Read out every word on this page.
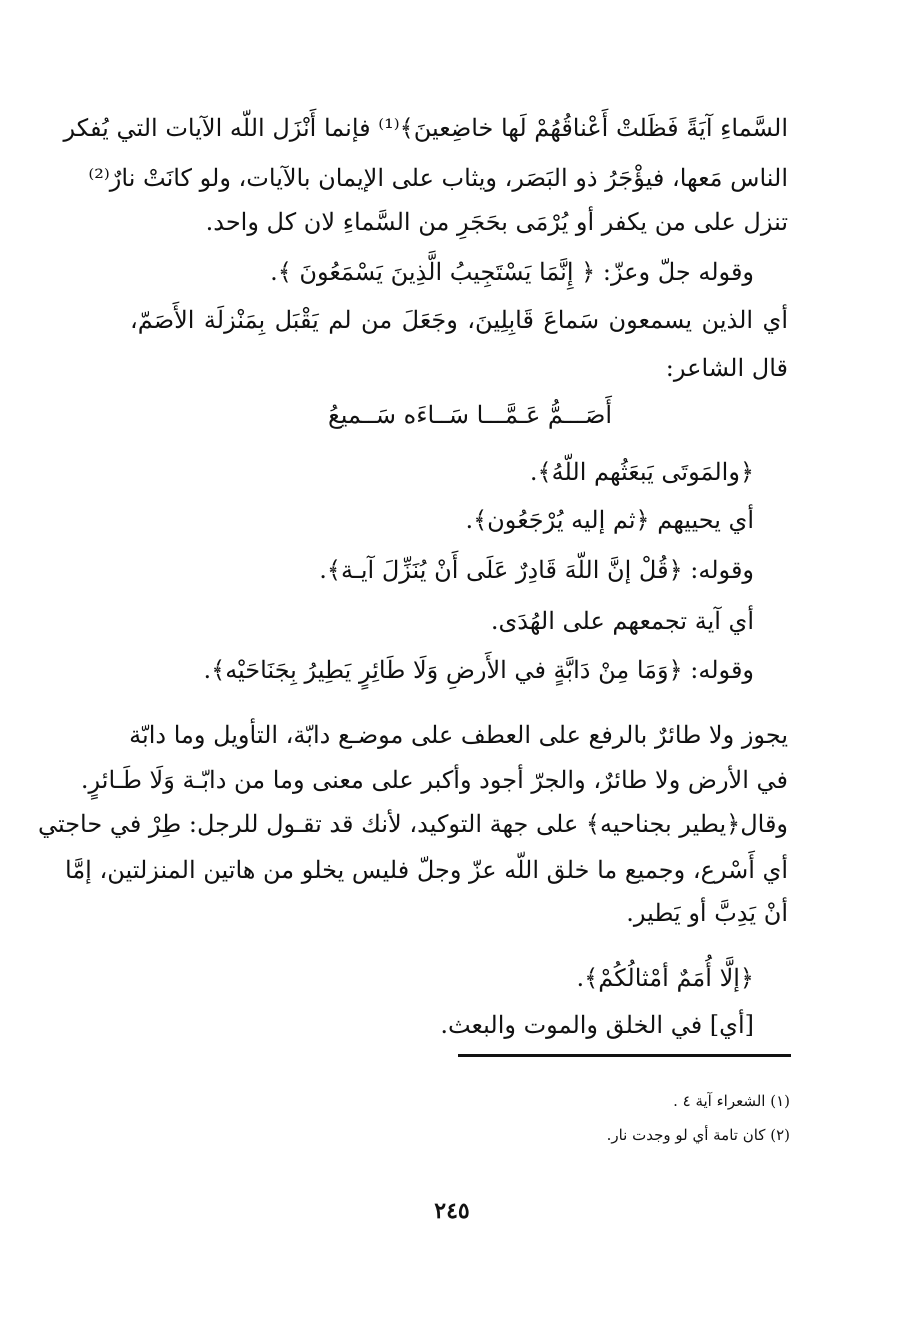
السَّماءِ آيَةً فَظَلتْ أَعْناقُهُمْ لَها خاضِعينَ﴾⁽¹⁾ فإنما أَنْزَل اللّه الآيات التي يُفكر
الناس مَعها، فيؤْجَرُ ذو البَصَر، ويثاب على الإيمان بالآيات، ولو كانَتْ نارٌ⁽²⁾
تنزل على من يكفر أو يُرْمَى بحَجَرِ من السَّماءِ لان كل واحد.
وقوله جلّ وعزّ: ﴿ إِنَّمَا يَسْتَجِيبُ الَّذِينَ يَسْمَعُونَ ﴾.
أي الذين يسمعون سَماعَ قَابِلِينَ، وجَعَلَ من لم يَقْبَل بِمَنْزلَة الأَصَمّ،
قال الشاعر:
أَصَـــمُّ عَـمَّـــا سَــاءَه سَــميعُ
﴿والمَوتَى يَبعَثُهم اللّهُ﴾.
أي يحييهم ﴿ثم إليه يُرْجَعُون﴾.
وقوله: ﴿قُلْ إنَّ اللّهَ قَادِرٌ عَلَى أَنْ يُنَزِّلَ آيـة﴾.
أي آية تجمعهم على الهُدَى.
وقوله: ﴿وَمَا مِنْ دَابَّةٍ في الأَرضِ وَلَا طَائِرٍ يَطِيرُ بِجَنَاحَيْه﴾.
يجوز ولا طائرٌ بالرفع على العطف على موضـع دابّة، التأويل وما دابّة
في الأرض ولا طائرٌ، والجرّ أجود وأكبر على معنى وما من دابّـة وَلَا طَـائرٍ.
وقال﴿يطير بجناحيه﴾ على جهة التوكيد، لأنك قد تقـول للرجل: طِرْ في حاجتي
أي أَسْرع، وجميع ما خلق اللّه عزّ وجلّ فليس يخلو من هاتين المنزلتين، إمَّا
أنْ يَدِبَّ أو يَطير.
﴿إلَّا أُمَمٌ أمْثالُكُمْ﴾.
[أي] في الخلق والموت والبعث.
(١) الشعراء آية ٤ .
(٢) كان تامة أي لو وجدت نار.
٢٤٥
